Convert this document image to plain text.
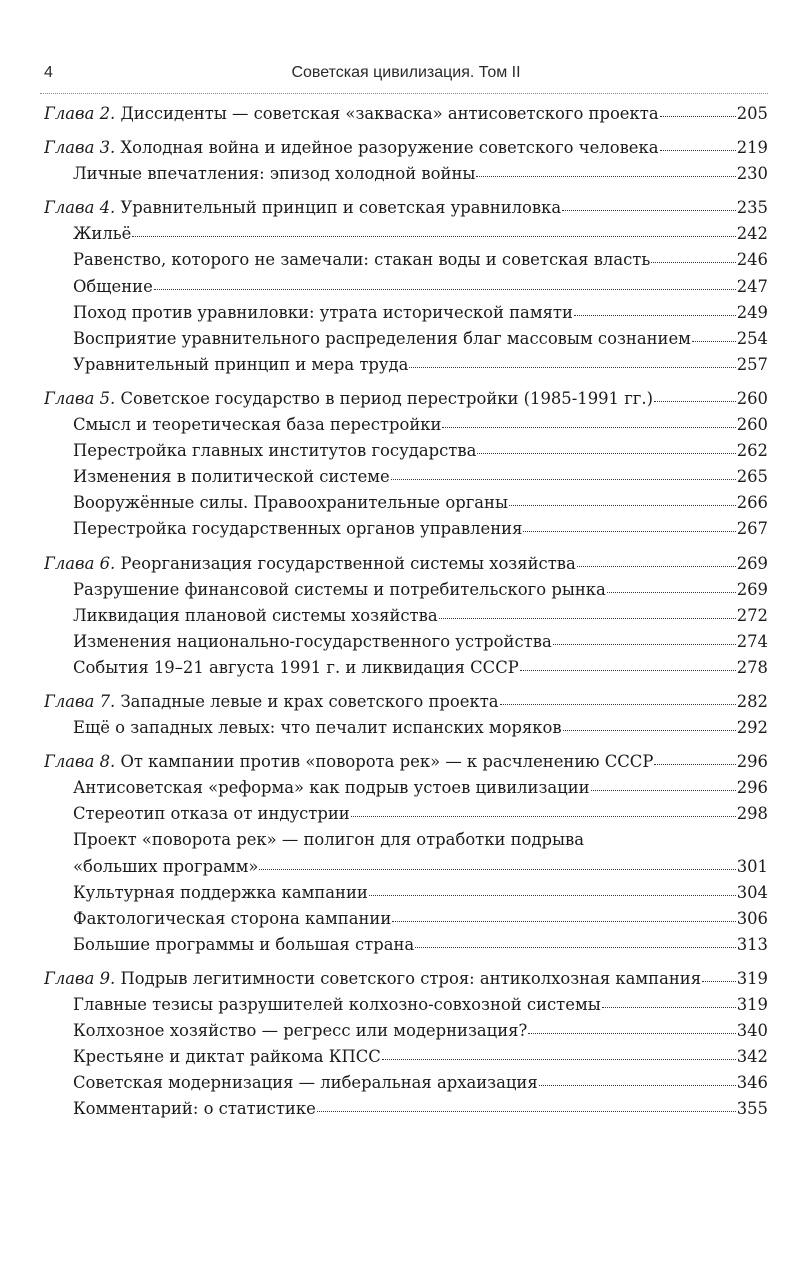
4	Советская цивилизация. Том II
Глава 2. Диссиденты — советская «закваска» антисоветского проекта	205
Глава 3. Холодная война и идейное разоружение советского человека	219
Личные впечатления: эпизод холодной войны	230
Глава 4. Уравнительный принцип и советская уравниловка	235
Жильё	242
Равенство, которого не замечали: стакан воды и советская власть	246
Общение	247
Поход против уравниловки: утрата исторической памяти	249
Восприятие уравнительного распределения благ массовым сознанием	254
Уравнительный принцип и мера труда	257
Глава 5. Советское государство в период перестройки (1985-1991 гг.)	260
Смысл и теоретическая база перестройки	260
Перестройка главных институтов государства	262
Изменения в политической системе	265
Вооружённые силы. Правоохранительные органы	266
Перестройка государственных органов управления	267
Глава 6. Реорганизация государственной системы хозяйства	269
Разрушение финансовой системы и потребительского рынка	269
Ликвидация плановой системы хозяйства	272
Изменения национально-государственного устройства	274
События 19–21 августа 1991 г. и ликвидация СССР	278
Глава 7. Западные левые и крах советского проекта	282
Ещё о западных левых: что печалит испанских моряков	292
Глава 8. От кампании против «поворота рек» — к расчленению СССР	296
Антисоветская «реформа» как подрыв устоев цивилизации	296
Стереотип отказа от индустрии	298
Проект «поворота рек» — полигон для отработки подрыва
«больших программ»	301
Культурная поддержка кампании	304
Фактологическая сторона кампании	306
Большие программы и большая страна	313
Глава 9. Подрыв легитимности советского строя: антиколхозная кампания 319
Главные тезисы разрушителей колхозно-совхозной системы	319
Колхозное хозяйство — регресс или модернизация?	340
Крестьяне и диктат райкома КПСС	342
Советская модернизация — либеральная архаизация	346
Комментарий: о статистике	355
